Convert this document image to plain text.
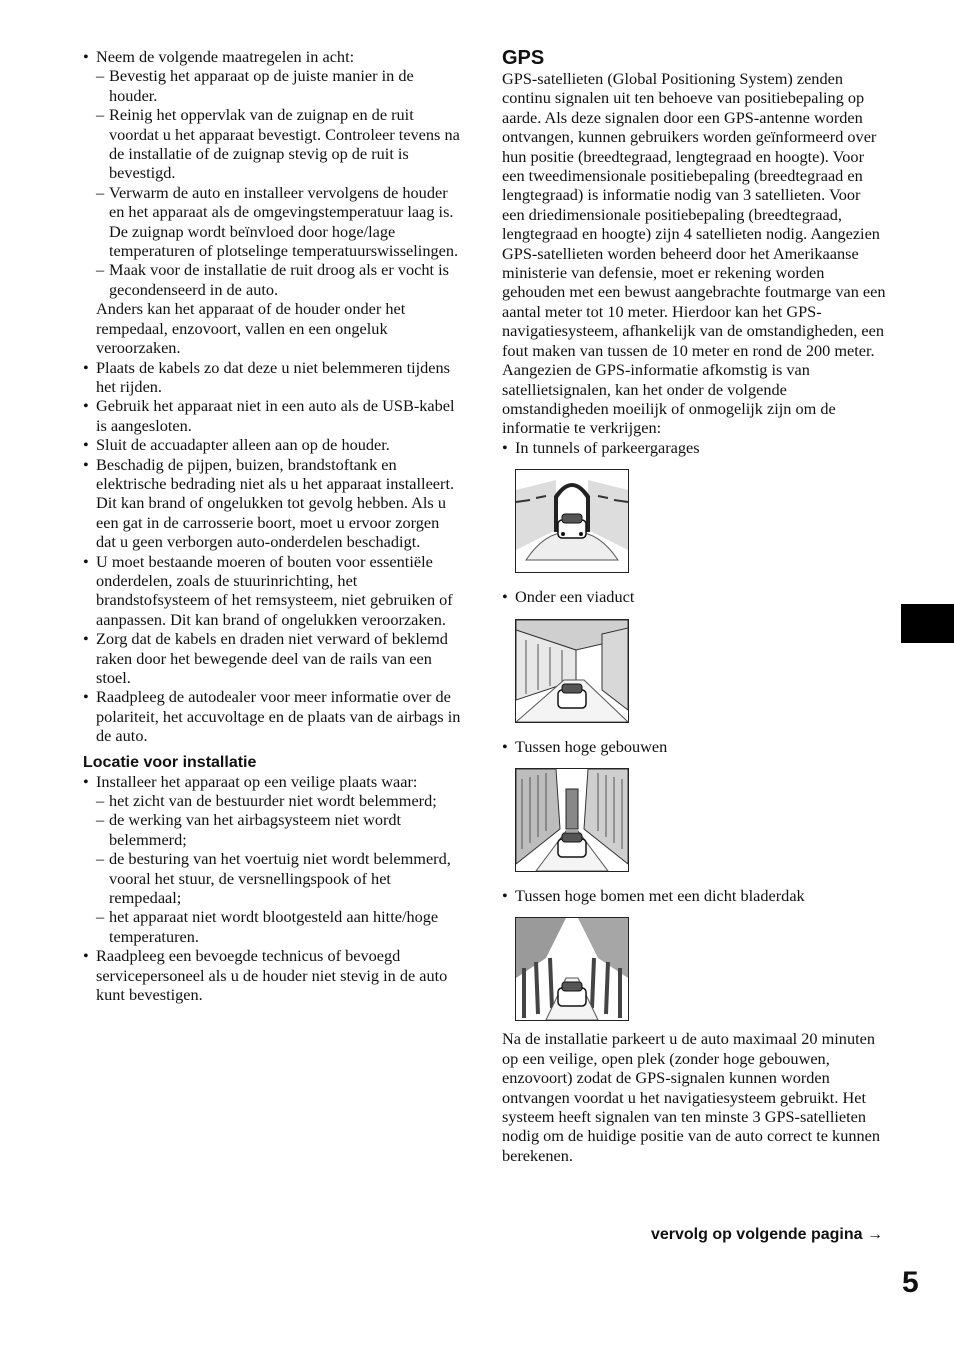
• Neem de volgende maatregelen in acht:
– Bevestig het apparaat op de juiste manier in de houder.
– Reinig het oppervlak van de zuignap en de ruit voordat u het apparaat bevestigt. Controleer tevens na de installatie of de zuignap stevig op de ruit is bevestigd.
– Verwarm de auto en installeer vervolgens de houder en het apparaat als de omgevingstemperatuur laag is. De zuignap wordt beïnvloed door hoge/lage temperaturen of plotselinge temperatuurswisselingen.
– Maak voor de installatie de ruit droog als er vocht is gecondenseerd in de auto.
Anders kan het apparaat of de houder onder het rempedaal, enzovoort, vallen en een ongeluk veroorzaken.
• Plaats de kabels zo dat deze u niet belemmeren tijdens het rijden.
• Gebruik het apparaat niet in een auto als de USB-kabel is aangesloten.
• Sluit de accuadapter alleen aan op de houder.
• Beschadig de pijpen, buizen, brandstoftank en elektrische bedrading niet als u het apparaat installeert. Dit kan brand of ongelukken tot gevolg hebben. Als u een gat in de carrosserie boort, moet u ervoor zorgen dat u geen verborgen auto-onderdelen beschadigt.
• U moet bestaande moeren of bouten voor essentiële onderdelen, zoals de stuurinrichting, het brandstofsysteem of het remsysteem, niet gebruiken of aanpassen. Dit kan brand of ongelukken veroorzaken.
• Zorg dat de kabels en draden niet verward of beklemd raken door het bewegende deel van de rails van een stoel.
• Raadpleeg de autodealer voor meer informatie over de polariteit, het accuvoltage en de plaats van de airbags in de auto.
Locatie voor installatie
• Installeer het apparaat op een veilige plaats waar:
– het zicht van de bestuurder niet wordt belemmerd;
– de werking van het airbagsysteem niet wordt belemmerd;
– de besturing van het voertuig niet wordt belemmerd, vooral het stuur, de versnellingspook of het rempedaal;
– het apparaat niet wordt blootgesteld aan hitte/hoge temperaturen.
• Raadpleeg een bevoegde technicus of bevoegd servicepersoneel als u de houder niet stevig in de auto kunt bevestigen.
GPS
GPS-satellieten (Global Positioning System) zenden continu signalen uit ten behoeve van positiebepaling op aarde. Als deze signalen door een GPS-antenne worden ontvangen, kunnen gebruikers worden geïnformeerd over hun positie (breedtegraad, lengtegraad en hoogte). Voor een tweedimensionale positiebepaling (breedtegraad en lengtegraad) is informatie nodig van 3 satellieten. Voor een driedimensionale positiebepaling (breedtegraad, lengtegraad en hoogte) zijn 4 satellieten nodig. Aangezien GPS-satellieten worden beheerd door het Amerikaanse ministerie van defensie, moet er rekening worden gehouden met een bewust aangebrachte foutmarge van een aantal meter tot 10 meter. Hierdoor kan het GPS-navigatiesysteem, afhankelijk van de omstandigheden, een fout maken van tussen de 10 meter en rond de 200 meter. Aangezien de GPS-informatie afkomstig is van satellietsignalen, kan het onder de volgende omstandigheden moeilijk of onmogelijk zijn om de informatie te verkrijgen:
• In tunnels of parkeergarages
• Onder een viaduct
• Tussen hoge gebouwen
• Tussen hoge bomen met een dicht bladerdak
Na de installatie parkeert u de auto maximaal 20 minuten op een veilige, open plek (zonder hoge gebouwen, enzovoort) zodat de GPS-signalen kunnen worden ontvangen voordat u het navigatiesysteem gebruikt. Het systeem heeft signalen van ten minste 3 GPS-satellieten nodig om de huidige positie van de auto correct te kunnen berekenen.
vervolg op volgende pagina →
5
